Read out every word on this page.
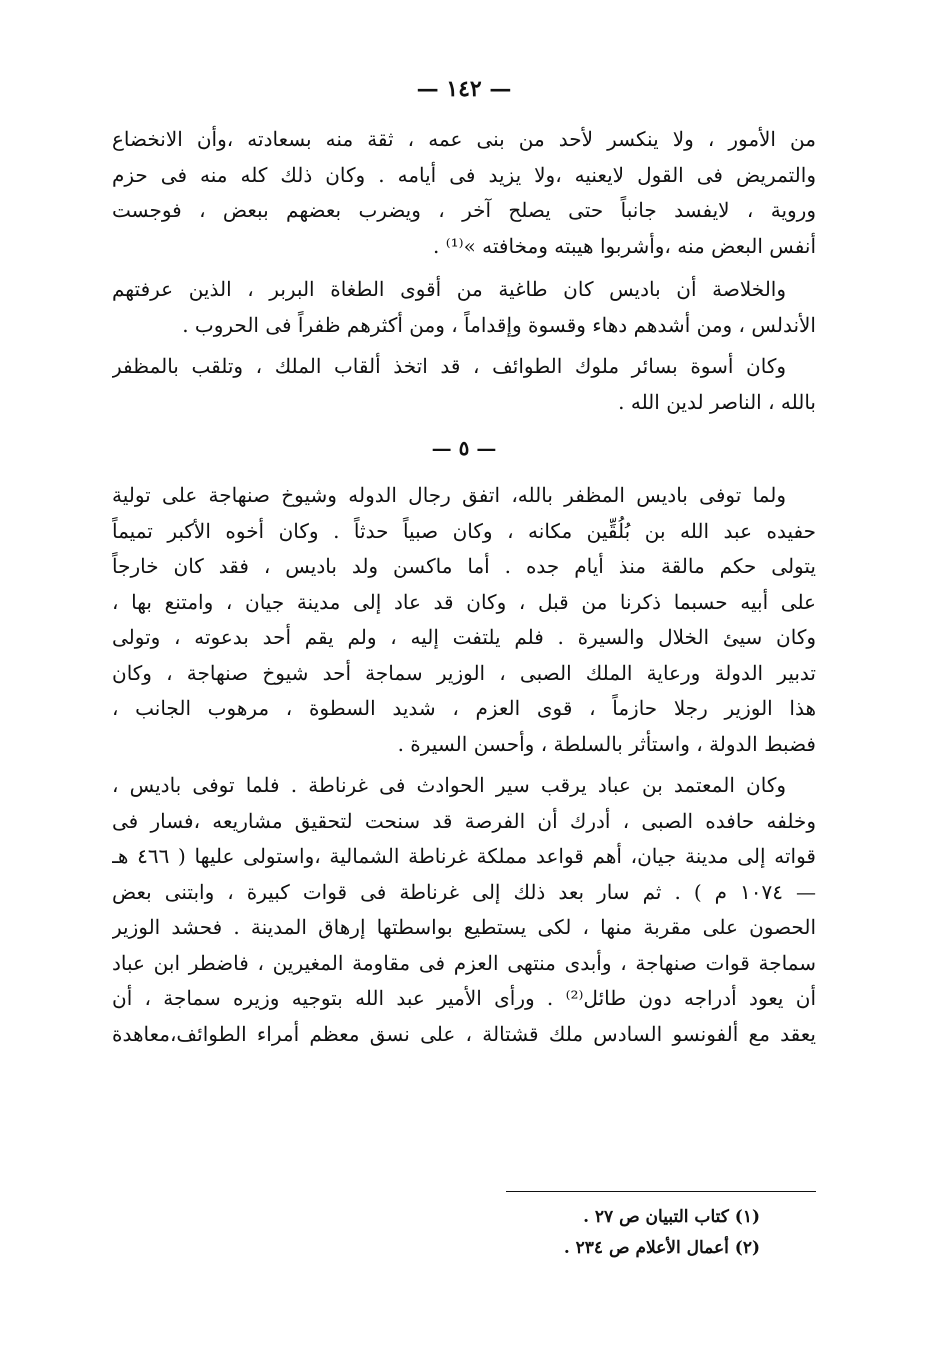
— ١٤٢ —

من الأمور ، ولا ينكسر لأحد من بنى عمه ، ثقة منه بسعادته ،وأن الانخضاع
والتمريض فى القول لايعنيه ،ولا يزيد فى أيامه . وكان ذلك كله منه فى حزم
وروية ، لايفسد جانباً حتى يصلح آخر ، ويضرب بعضهم ببعض ، فوجست
أنفس البعض منه ،وأشربوا هيبته ومخافته »⁽¹⁾ .

والخلاصة أن باديس كان طاغية من أقوى الطغاة البربر ، الذين عرفتهم
الأندلس ، ومن أشدهم دهاء وقسوة وإقداماً ، ومن أكثرهم ظفراً فى الحروب .

وكان أسوة بسائر ملوك الطوائف ، قد اتخذ ألقاب الملك ، وتلقب بالمظفر
بالله ، الناصر لدين الله .

— ٥ —

ولما توفى باديس المظفر بالله، اتفق رجال الدوله وشيوخ صنهاجة على تولية
حفيده عبد الله بن بُلُقِّين مكانه ، وكان صبياً حدثاً . وكان أخوه الأكبر تميماً
يتولى حكم مالقة منذ أيام جده . أما ماكسن ولد باديس ، فقد كان خارجاً
على أبيه حسبما ذكرنا من قبل ، وكان قد عاد إلى مدينة جيان ، وامتنع بها ،
وكان سيئ الخلال والسيرة . فلم يلتفت إليه ، ولم يقم أحد بدعوته ، وتولى
تدبير الدولة ورعاية الملك الصبى ، الوزير سماجة أحد شيوخ صنهاجة ، وكان
هذا الوزير رجلا حازماً ، قوى العزم ، شديد السطوة ، مرهوب الجانب ،
فضبط الدولة ، واستأثر بالسلطة ، وأحسن السيرة .

وكان المعتمد بن عباد يرقب سير الحوادث فى غرناطة . فلما توفى باديس ،
وخلفه حافده الصبى ، أدرك أن الفرصة قد سنحت لتحقيق مشاريعه ،فسار فى
قواته إلى مدينة جيان، أهم قواعد مملكة غرناطة الشمالية ،واستولى عليها ( ٤٦٦ هـ
— ١٠٧٤ م ) . ثم سار بعد ذلك إلى غرناطة فى قوات كبيرة ، وابتنى بعض
الحصون على مقربة منها ، لكى يستطيع بواسطتها إرهاق المدينة . فحشد الوزير
سماجة قوات صنهاجة ، وأبدى منتهى العزم فى مقاومة المغيرين ، فاضطر ابن عباد
أن يعود أدراجه دون طائل⁽²⁾ . ورأى الأمير عبد الله بتوجيه وزيره سماجة ، أن
يعقد مع ألفونسو السادس ملك قشتالة ، على نسق معظم أمراء الطوائف،معاهدة

(١) كتاب التبيان ص ٢٧ .
(٢) أعمال الأعلام ص ٢٣٤ .
